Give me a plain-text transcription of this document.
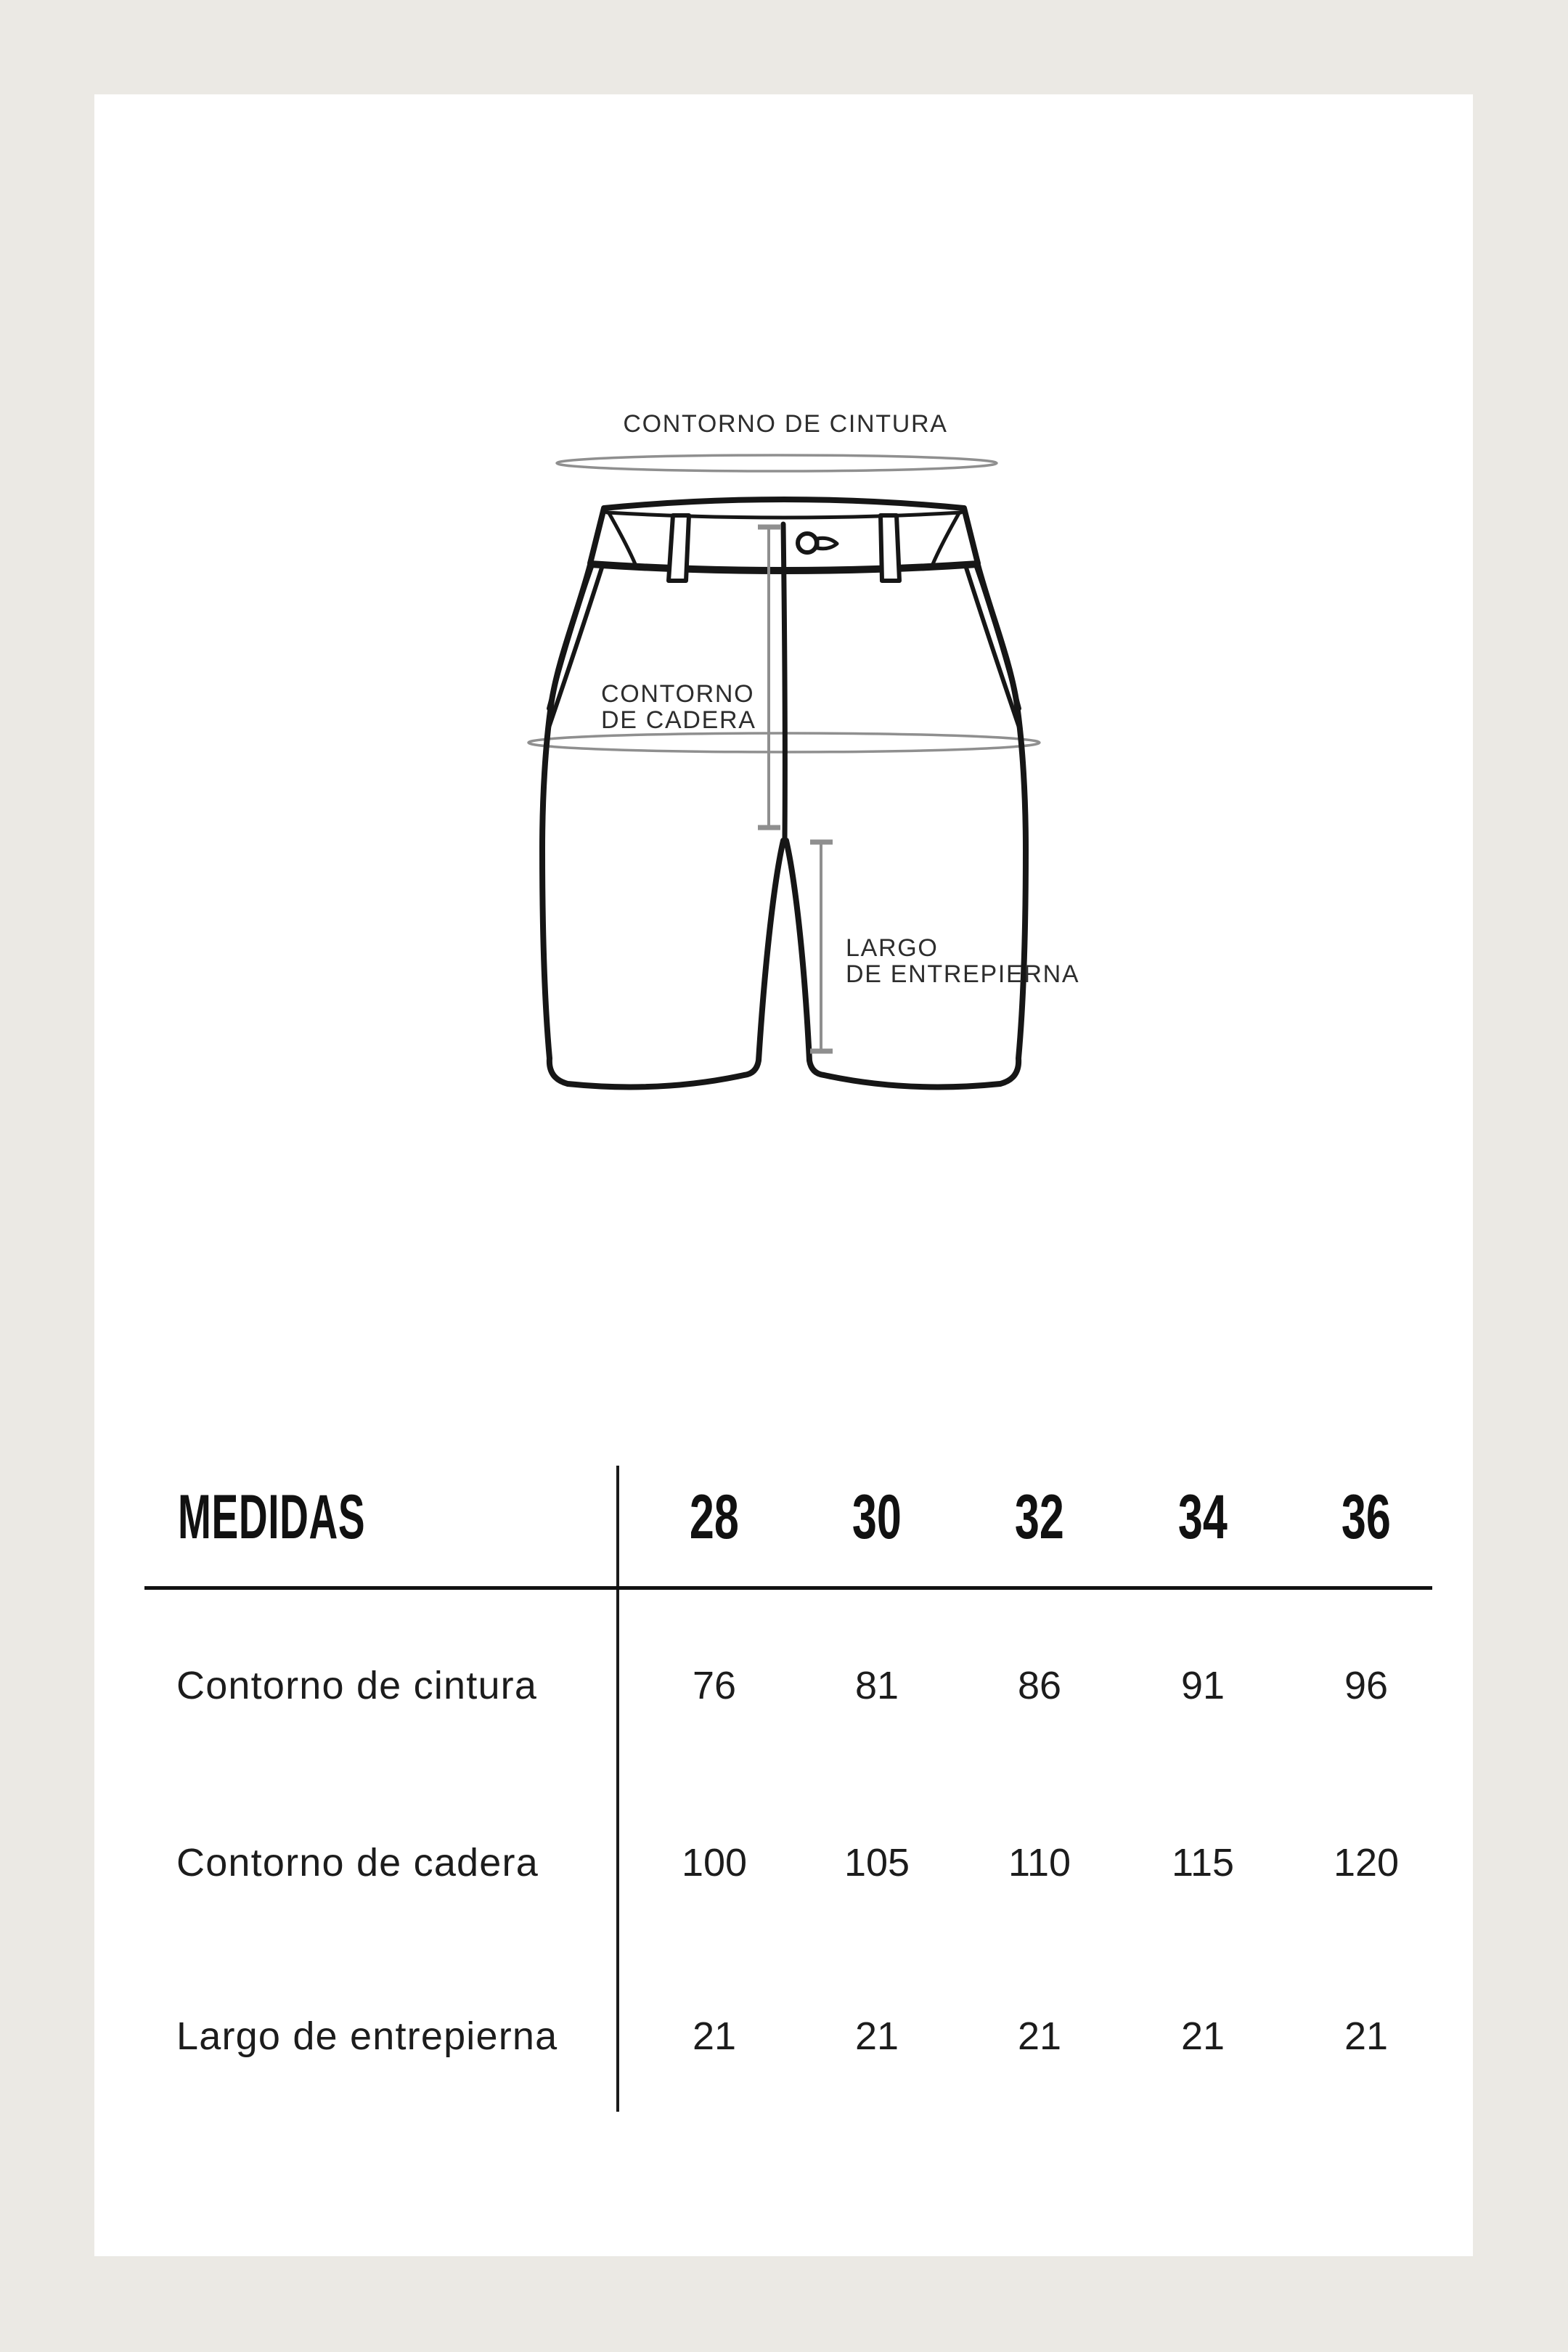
CONTORNO DE CINTURA
CONTORNO
DE CADERA
LARGO
DE ENTREPIERNA
MEDIDAS	28	30	32	34	36
Contorno de cintura	76	81	86	91	96
Contorno de cadera	100	105	110	115	120
Largo de entrepierna	21	21	21	21	21
